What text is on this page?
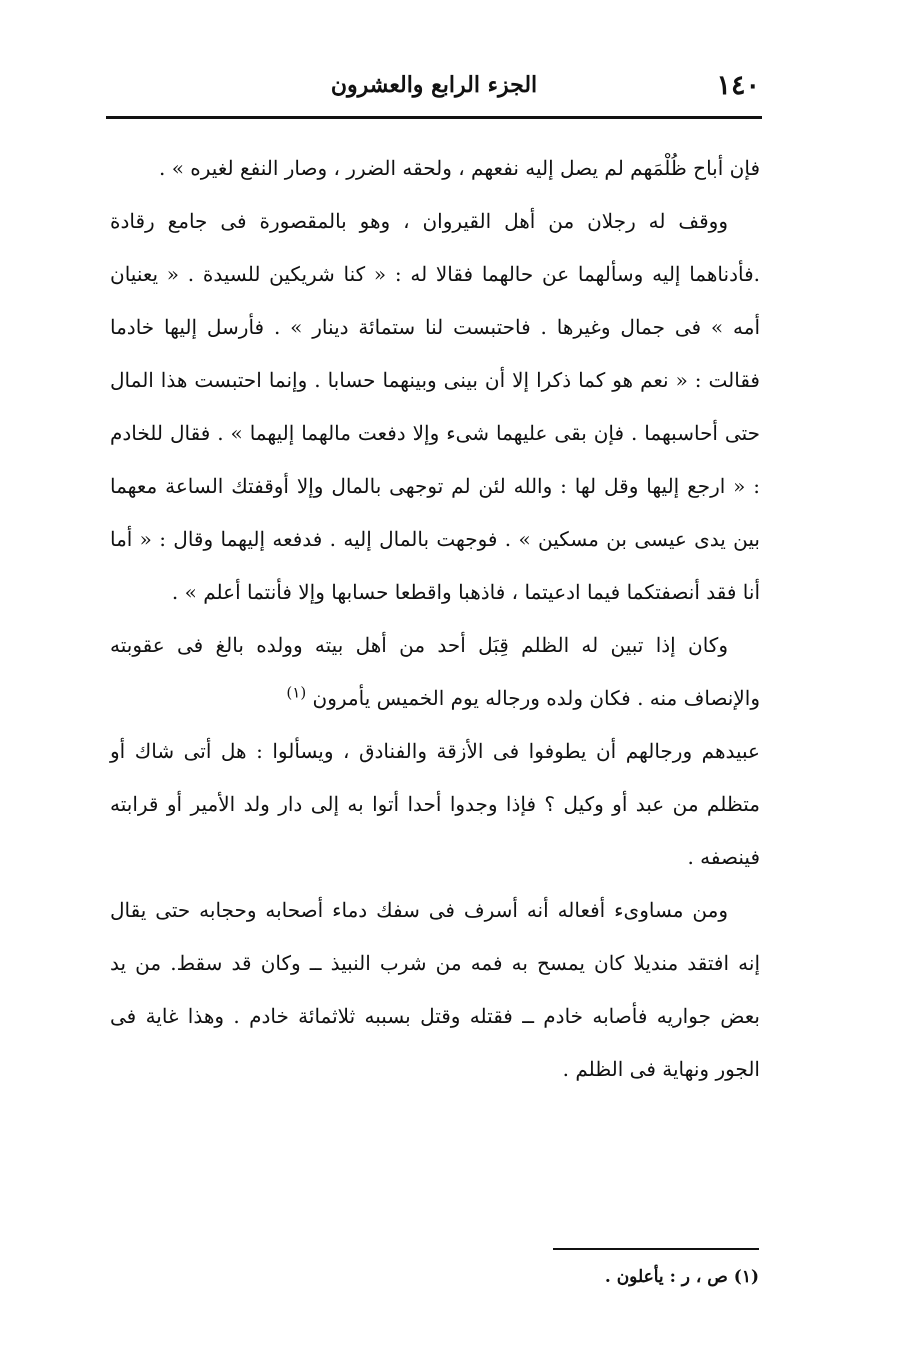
١٤٠
الجزء الرابع والعشرون

فإن أباح ظُلْمَهم لم يصل إليه نفعهم ، ولحقه الضرر ، وصار النفع لغيره » .

ووقف له رجلان من أهل القيروان ، وهو بالمقصورة فى جامع رقادة .فأدناهما إليه وسألهما عن حالهما فقالا له : « كنا شريكين للسيدة . « يعنيان أمه » فى جمال وغيرها . فاحتبست لنا ستمائة دينار » . فأرسل إليها خادما فقالت : « نعم هو كما ذكرا إلا أن بينى وبينهما حسابا . وإنما احتبست هذا المال حتى أحاسبهما . فإن بقى عليهما شىء وإلا دفعت مالهما إليهما » . فقال للخادم : « ارجع إليها وقل لها : والله لئن لم توجهى بالمال وإلا أوقفتك الساعة معهما بين يدى عيسى بن مسكين » . فوجهت بالمال إليه . فدفعه إليهما وقال : « أما أنا فقد أنصفتكما فيما ادعيتما ، فاذهبا واقطعا حسابها وإلا فأنتما أعلم » .

وكان إذا تبين له الظلم قِبَل أحد من أهل بيته وولده بالغ فى عقوبته والإنصاف منه . فكان ولده ورجاله يوم الخميس يأمرون $^{(١)}$

عبيدهم ورجالهم أن يطوفوا فى الأزقة والفنادق ، ويسألوا : هل أتى شاك أو متظلم من عبد أو وكيل ؟ فإذا وجدوا أحدا أتوا به إلى دار ولد الأمير أو قرابته فينصفه .

ومن مساوىء أفعاله أنه أسرف فى سفك دماء أصحابه وحجابه حتى يقال إنه افتقد منديلا كان يمسح به فمه من شرب النبيذ ــ وكان قد سقط. من يد بعض جواريه فأصابه خادم ــ فقتله وقتل بسببه ثلاثمائة خادم . وهذا غاية فى الجور ونهاية فى الظلم .

(١) ص ، ر : يأعلون .
